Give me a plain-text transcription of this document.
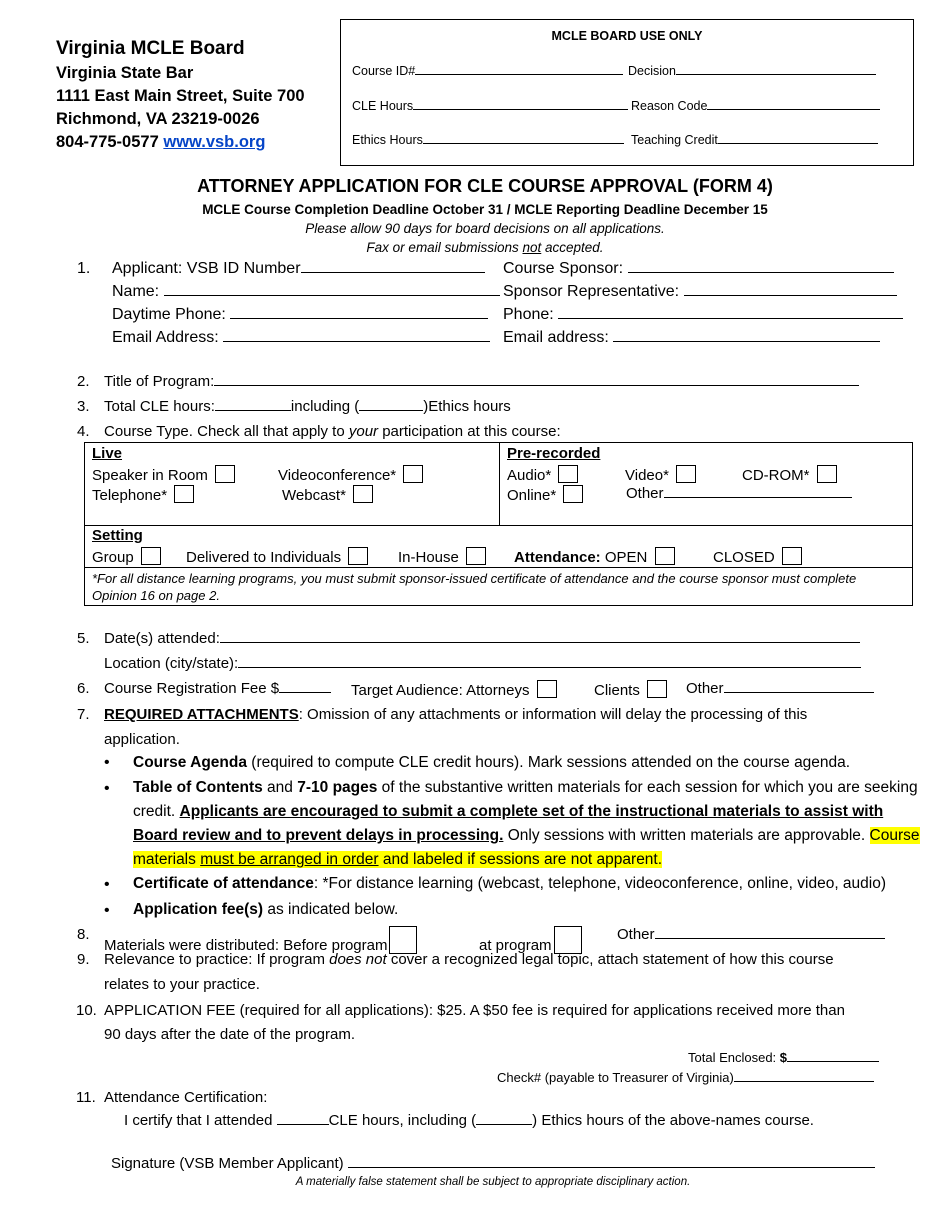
Virginia MCLE Board
Virginia State Bar
1111 East Main Street, Suite 700
Richmond, VA 23219-0026
804-775-0577 www.vsb.org
MCLE BOARD USE ONLY
Course ID#	Decision
CLE Hours	Reason Code
Ethics Hours	Teaching Credit
ATTORNEY APPLICATION FOR CLE COURSE APPROVAL (FORM 4)
MCLE Course Completion Deadline October 31 / MCLE Reporting Deadline December 15
Please allow 90 days for board decisions on all applications.
Fax or email submissions not accepted.
1. Applicant: VSB ID Number	Course Sponsor:
Name:	Sponsor Representative:
Daytime Phone:	Phone:
Email Address:	Email address:
2. Title of Program:
3. Total CLE hours:	including (	)Ethics hours
4. Course Type. Check all that apply to your participation at this course:
Live
Speaker in Room	Videoconference*
Telephone*	Webcast*
Pre-recorded
Audio*	Video*	CD-ROM*
Online*	Other
Setting
Group	Delivered to Individuals	In-House	Attendance: OPEN	CLOSED
*For all distance learning programs, you must submit sponsor-issued certificate of attendance and the course sponsor must complete Opinion 16 on page 2.
5. Date(s) attended:
Location (city/state):
6. Course Registration Fee $	Target Audience: Attorneys	Clients	Other
7. REQUIRED ATTACHMENTS: Omission of any attachments or information will delay the processing of this
application.
• Course Agenda (required to compute CLE credit hours). Mark sessions attended on the course agenda.
• Table of Contents and 7-10 pages of the substantive written materials for each session for which you are seeking credit. Applicants are encouraged to submit a complete set of the instructional materials to assist with Board review and to prevent delays in processing. Only sessions with written materials are approvable. Course materials must be arranged in order and labeled if sessions are not apparent.
• Certificate of attendance: *For distance learning (webcast, telephone, videoconference, online, video, audio)
• Application fee(s) as indicated below.
8.
Materials were distributed: Before program	at program
Other
9. Relevance to practice: If program does not cover a recognized legal topic, attach statement of how this course
relates to your practice.
10. APPLICATION FEE (required for all applications): $25. A $50 fee is required for applications received more than
90 days after the date of the program.
Total Enclosed: $
Check# (payable to Treasurer of Virginia)
11. Attendance Certification:
I certify that I attended	CLE hours, including (	) Ethics hours of the above-names course.
Signature (VSB Member Applicant)
A materially false statement shall be subject to appropriate disciplinary action.
